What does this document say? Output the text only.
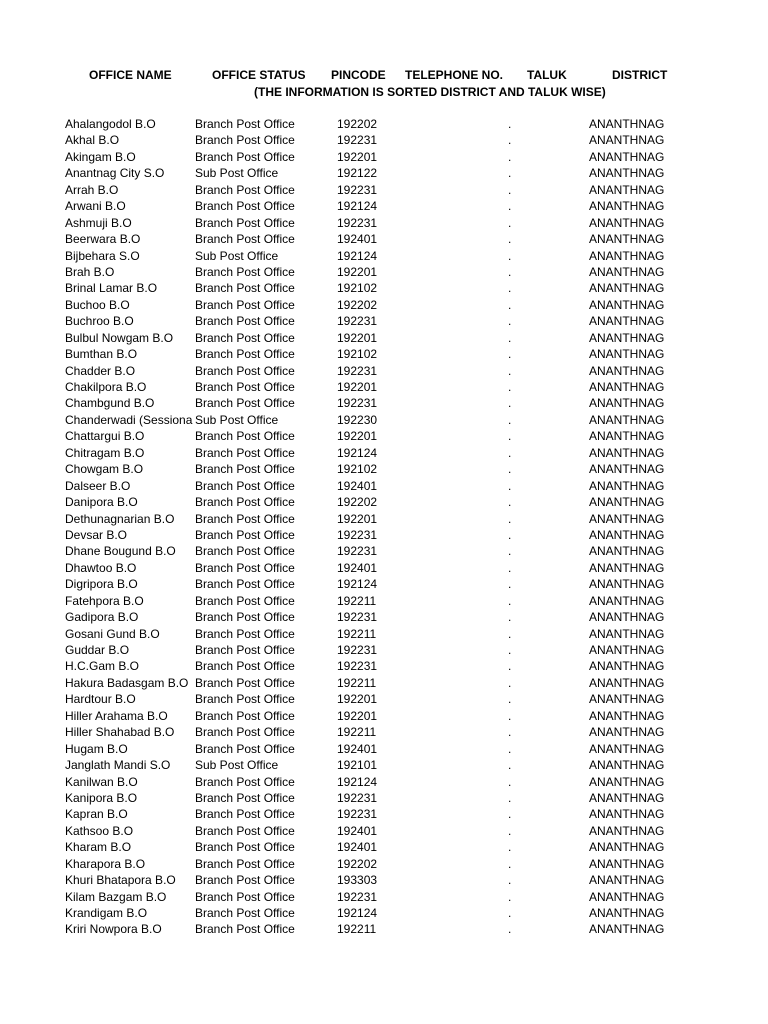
OFFICE NAME	OFFICE STATUS PINCODE TELEPHONE NO. TALUK	DISTRICT
(THE INFORMATION IS SORTED DISTRICT AND TALUK WISE)
Ahalangodol B.O	Branch Post Office	192202	.	ANANTHNAG
Akhal B.O	Branch Post Office	192231	.	ANANTHNAG
Akingam B.O	Branch Post Office	192201	.	ANANTHNAG
Anantnag City S.O	Sub Post Office	192122	.	ANANTHNAG
Arrah B.O	Branch Post Office	192231	.	ANANTHNAG
Arwani B.O	Branch Post Office	192124	.	ANANTHNAG
Ashmuji B.O	Branch Post Office	192231	.	ANANTHNAG
Beerwara B.O	Branch Post Office	192401	.	ANANTHNAG
Bijbehara S.O	Sub Post Office	192124	.	ANANTHNAG
Brah B.O	Branch Post Office	192201	.	ANANTHNAG
Brinal Lamar B.O	Branch Post Office	192102	.	ANANTHNAG
Buchoo B.O	Branch Post Office	192202	.	ANANTHNAG
Buchroo B.O	Branch Post Office	192231	.	ANANTHNAG
Bulbul Nowgam B.O	Branch Post Office	192201	.	ANANTHNAG
Bumthan B.O	Branch Post Office	192102	.	ANANTHNAG
Chadder B.O	Branch Post Office	192231	.	ANANTHNAG
Chakilpora B.O	Branch Post Office	192201	.	ANANTHNAG
Chambgund B.O	Branch Post Office	192231	.	ANANTHNAG
Chanderwadi (Sessiona Sub Post Office	192230	.	ANANTHNAG
Chattargui B.O	Branch Post Office	192201	.	ANANTHNAG
Chitragam B.O	Branch Post Office	192124	.	ANANTHNAG
Chowgam B.O	Branch Post Office	192102	.	ANANTHNAG
Dalseer B.O	Branch Post Office	192401	.	ANANTHNAG
Danipora B.O	Branch Post Office	192202	.	ANANTHNAG
Dethunagnarian B.O	Branch Post Office	192201	.	ANANTHNAG
Devsar B.O	Branch Post Office	192231	.	ANANTHNAG
Dhane Bougund B.O	Branch Post Office	192231	.	ANANTHNAG
Dhawtoo B.O	Branch Post Office	192401	.	ANANTHNAG
Digripora B.O	Branch Post Office	192124	.	ANANTHNAG
Fatehpora B.O	Branch Post Office	192211	.	ANANTHNAG
Gadipora B.O	Branch Post Office	192231	.	ANANTHNAG
Gosani Gund B.O	Branch Post Office	192211	.	ANANTHNAG
Guddar B.O	Branch Post Office	192231	.	ANANTHNAG
H.C.Gam B.O	Branch Post Office	192231	.	ANANTHNAG
Hakura Badasgam B.O Branch Post Office	192211	.	ANANTHNAG
Hardtour B.O	Branch Post Office	192201	.	ANANTHNAG
Hiller Arahama B.O	Branch Post Office	192201	.	ANANTHNAG
Hiller Shahabad B.O	Branch Post Office	192211	.	ANANTHNAG
Hugam B.O	Branch Post Office	192401	.	ANANTHNAG
Janglath Mandi S.O	Sub Post Office	192101	.	ANANTHNAG
Kanilwan B.O	Branch Post Office	192124	.	ANANTHNAG
Kanipora B.O	Branch Post Office	192231	.	ANANTHNAG
Kapran B.O	Branch Post Office	192231	.	ANANTHNAG
Kathsoo B.O	Branch Post Office	192401	.	ANANTHNAG
Kharam B.O	Branch Post Office	192401	.	ANANTHNAG
Kharapora B.O	Branch Post Office	192202	.	ANANTHNAG
Khuri Bhatapora B.O	Branch Post Office	193303	.	ANANTHNAG
Kilam Bazgam B.O	Branch Post Office	192231	.	ANANTHNAG
Krandigam B.O	Branch Post Office	192124	.	ANANTHNAG
Kriri Nowpora B.O	Branch Post Office	192211	.	ANANTHNAG
